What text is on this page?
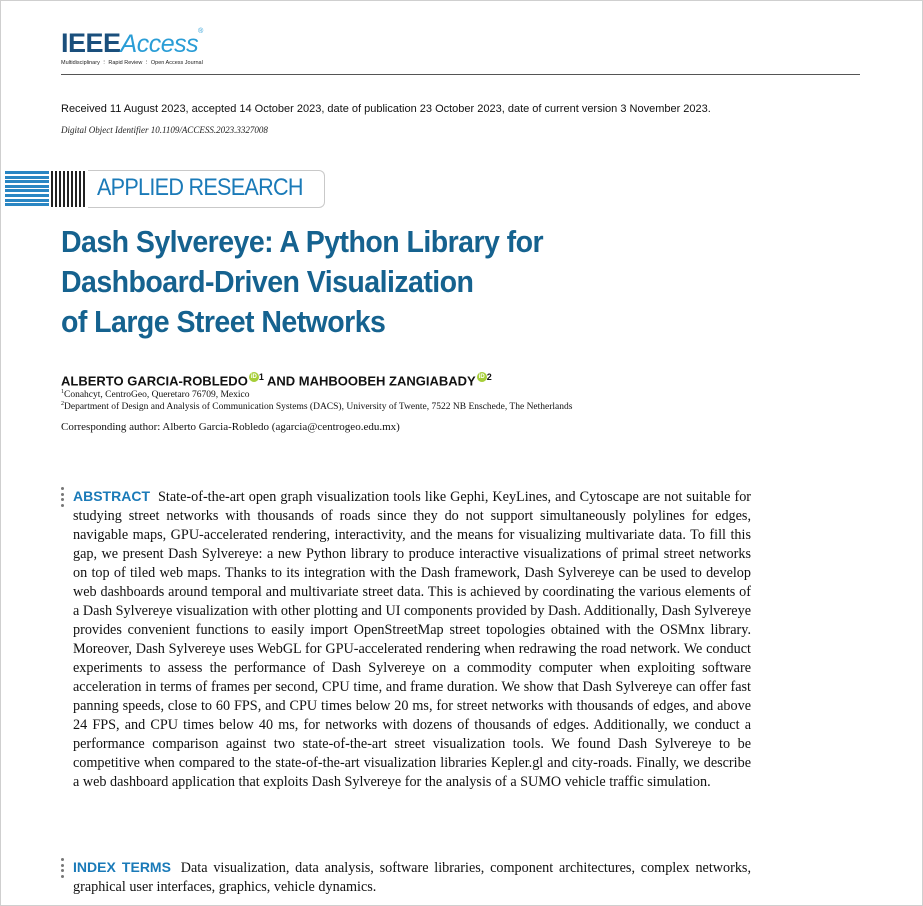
IEEEAccess®
Multidisciplinary ⋮ Rapid Review ⋮ Open Access Journal
Received 11 August 2023, accepted 14 October 2023, date of publication 23 October 2023, date of current version 3 November 2023.
Digital Object Identifier 10.1109/ACCESS.2023.3327008
APPLIED RESEARCH
Dash Sylvereye: A Python Library for
Dashboard-Driven Visualization
of Large Street Networks
ALBERTO GARCIA-ROBLEDO iD $^1$ AND MAHBOOBEH ZANGIABADY iD $^2$
$^1$Conahcyt, CentroGeo, Queretaro 76709, Mexico
$^2$Department of Design and Analysis of Communication Systems (DACS), University of Twente, 7522 NB Enschede, The Netherlands
Corresponding author: Alberto Garcia-Robledo (agarcia@centrogeo.edu.mx)
ABSTRACT State-of-the-art open graph visualization tools like Gephi, KeyLines, and Cytoscape are not suitable for studying street networks with thousands of roads since they do not support simultaneously polylines for edges, navigable maps, GPU-accelerated rendering, interactivity, and the means for visualizing multivariate data. To fill this gap, we present Dash Sylvereye: a new Python library to produce interactive visualizations of primal street networks on top of tiled web maps. Thanks to its integration with the Dash framework, Dash Sylvereye can be used to develop web dashboards around temporal and multivariate street data. This is achieved by coordinating the various elements of a Dash Sylvereye visualization with other plotting and UI components provided by Dash. Additionally, Dash Sylvereye provides convenient functions to easily import OpenStreetMap street topologies obtained with the OSMnx library. Moreover, Dash Sylvereye uses WebGL for GPU-accelerated rendering when redrawing the road network. We conduct experiments to assess the performance of Dash Sylvereye on a commodity computer when exploiting software acceleration in terms of frames per second, CPU time, and frame duration. We show that Dash Sylvereye can offer fast panning speeds, close to 60 FPS, and CPU times below 20 ms, for street networks with thousands of edges, and above 24 FPS, and CPU times below 40 ms, for networks with dozens of thousands of edges. Additionally, we conduct a performance comparison against two state-of-the-art street visualization tools. We found Dash Sylvereye to be competitive when compared to the state-of-the-art visualization libraries Kepler.gl and city-roads. Finally, we describe a web dashboard application that exploits Dash Sylvereye for the analysis of a SUMO vehicle traffic simulation.
INDEX TERMS Data visualization, data analysis, software libraries, component architectures, complex networks, graphical user interfaces, graphics, vehicle dynamics.
